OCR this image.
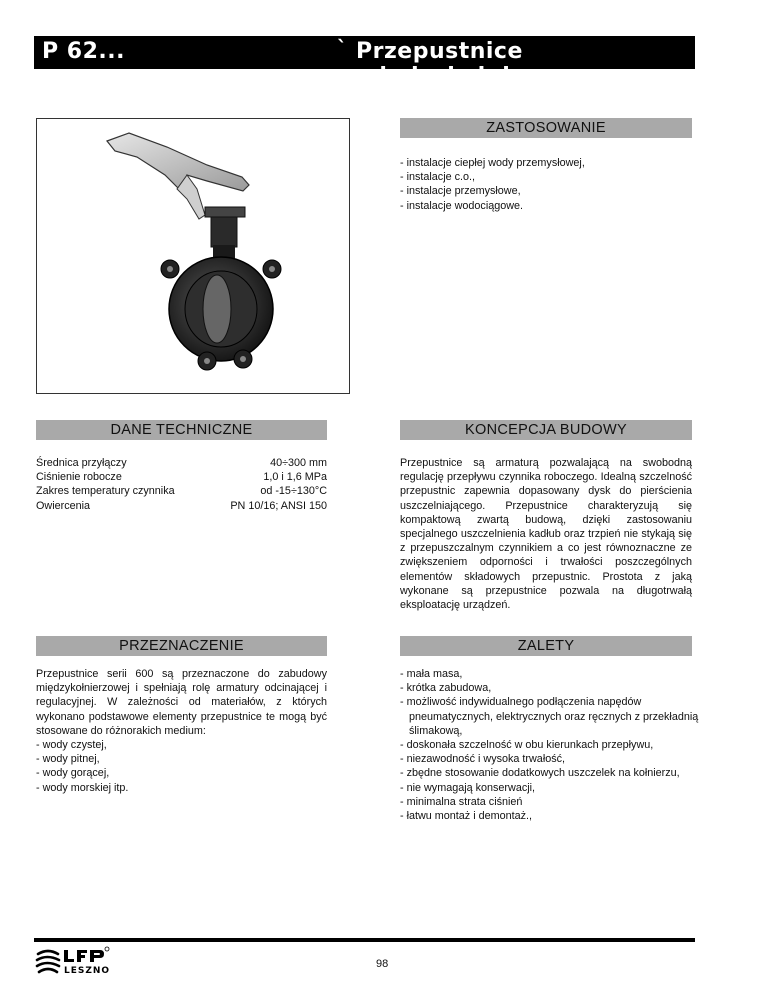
P 62...	` Przepustnice międzykołnierzowe
ZASTOSOWANIE
- instalacje ciepłej wody przemysłowej,
- instalacje c.o.,
- instalacje przemysłowe,
- instalacje wodociągowe.
DANE TECHNICZNE
Średnica przyłączy	40÷300 mm
Ciśnienie robocze	1,0 i 1,6 MPa
Zakres temperatury czynnika	od -15÷130°C
Owiercenia	PN 10/16; ANSI 150
KONCEPCJA BUDOWY
Przepustnice są armaturą pozwalającą na swobodną regulację przepływu czynnika roboczego. Idealną szczelność przepustnic zapewnia dopasowany dysk do pierścienia uszczelniającego. Przepustnice charakteryzują się kompaktową zwartą budową, dzięki zastosowaniu specjalnego uszczelnienia kadłub oraz trzpień nie stykają się z przepuszczalnym czynnikiem a co jest równoznaczne ze zwiększeniem odporności i trwałości poszczególnych elementów składowych przepustnic. Prostota z jaką wykonane są przepustnice pozwala na długotrwałą eksploatację urządzeń.
PRZEZNACZENIE
Przepustnice serii 600 są przeznaczone do zabudowy międzykołnierzowej i spełniają rolę armatury odcinającej i regulacyjnej. W zależności od materiałów, z których wykonano podstawowe elementy przepustnice te mogą być stosowane do różnorakich medium:
- wody czystej,
- wody pitnej,
- wody gorącej,
- wody morskiej itp.
ZALETY
- mała masa,
- krótka zabudowa,
- możliwość indywidualnego podłączenia napędów
pneumatycznych, elektrycznych oraz ręcznych z przekładnią
ślimakową,
- doskonała szczelność w obu kierunkach przepływu,
- niezawodność i wysoka trwałość,
- zbędne stosowanie dodatkowych uszczelek na kołnierzu,
- nie wymagają konserwacji,
- minimalna strata ciśnień
- łatwu montaż i demontaż.,
LESZNO
98
